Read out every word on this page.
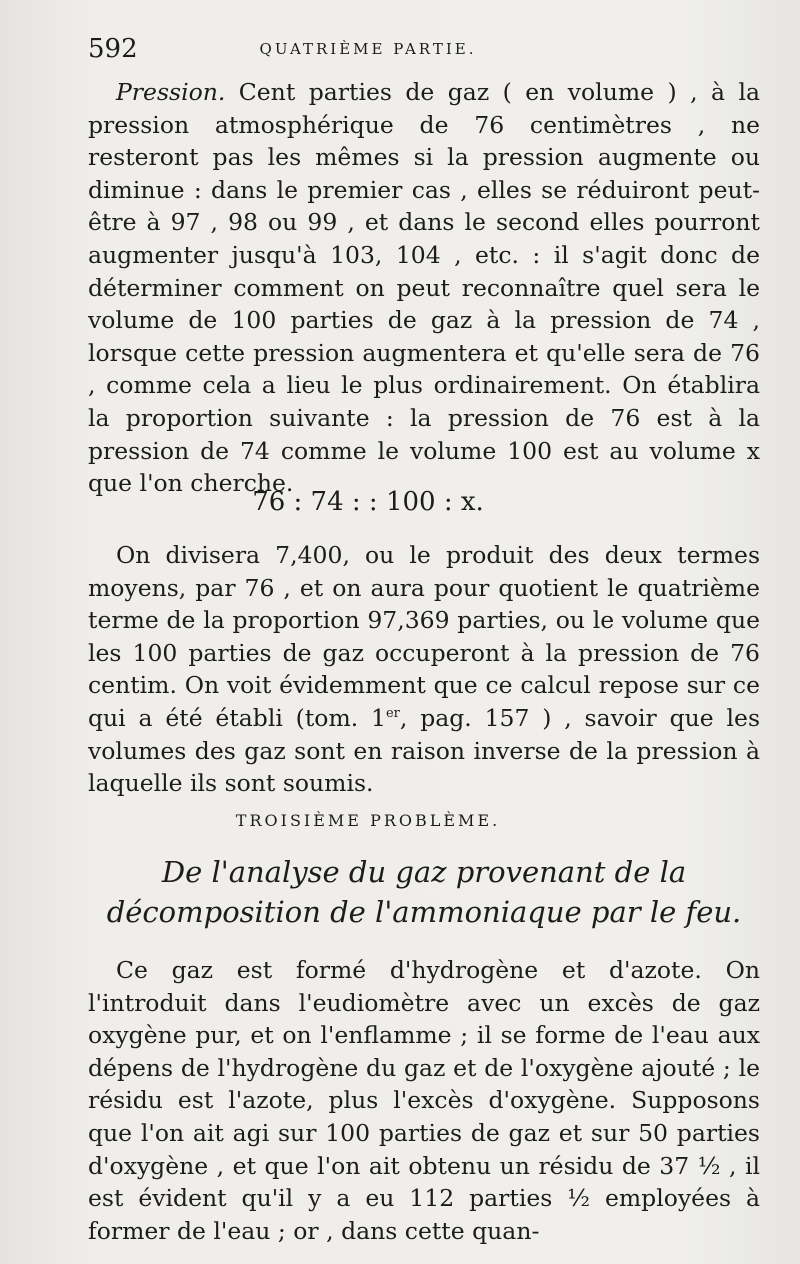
592	QUATRIÈME PARTIE.

Pression. Cent parties de gaz ( en volume ) , à la pression atmosphérique de 76 centimètres , ne resteront pas les mêmes si la pression augmente ou diminue : dans le premier cas , elles se réduiront peut-être à 97 , 98 ou 99 , et dans le second elles pourront augmenter jusqu'à 103, 104 , etc. : il s'agit donc de déterminer comment on peut reconnaître quel sera le volume de 100 parties de gaz à la pression de 74 , lorsque cette pression augmentera et qu'elle sera de 76 , comme cela a lieu le plus ordinairement. On établira la proportion suivante : la pression de 76 est à la pression de 74 comme le volume 100 est au volume x que l'on cherche.

76 : 74 : : 100 : x.

On divisera 7,400, ou le produit des deux termes moyens, par 76 , et on aura pour quotient le quatrième terme de la proportion 97,369 parties, ou le volume que les 100 parties de gaz occuperont à la pression de 76 centim. On voit évidemment que ce calcul repose sur ce qui a été établi (tom. 1er, pag. 157 ) , savoir que les volumes des gaz sont en raison inverse de la pression à laquelle ils sont soumis.

TROISIÈME PROBLÈME.
De l'analyse du gaz provenant de la décomposition de l'ammoniaque par le feu.

Ce gaz est formé d'hydrogène et d'azote. On l'introduit dans l'eudiomètre avec un excès de gaz oxygène pur, et on l'enflamme ; il se forme de l'eau aux dépens de l'hydrogène du gaz et de l'oxygène ajouté ; le résidu est l'azote, plus l'excès d'oxygène. Supposons que l'on ait agi sur 100 parties de gaz et sur 50 parties d'oxygène , et que l'on ait obtenu un résidu de 37 ½ , il est évident qu'il y a eu 112 parties ½ employées à former de l'eau ; or , dans cette quan-
